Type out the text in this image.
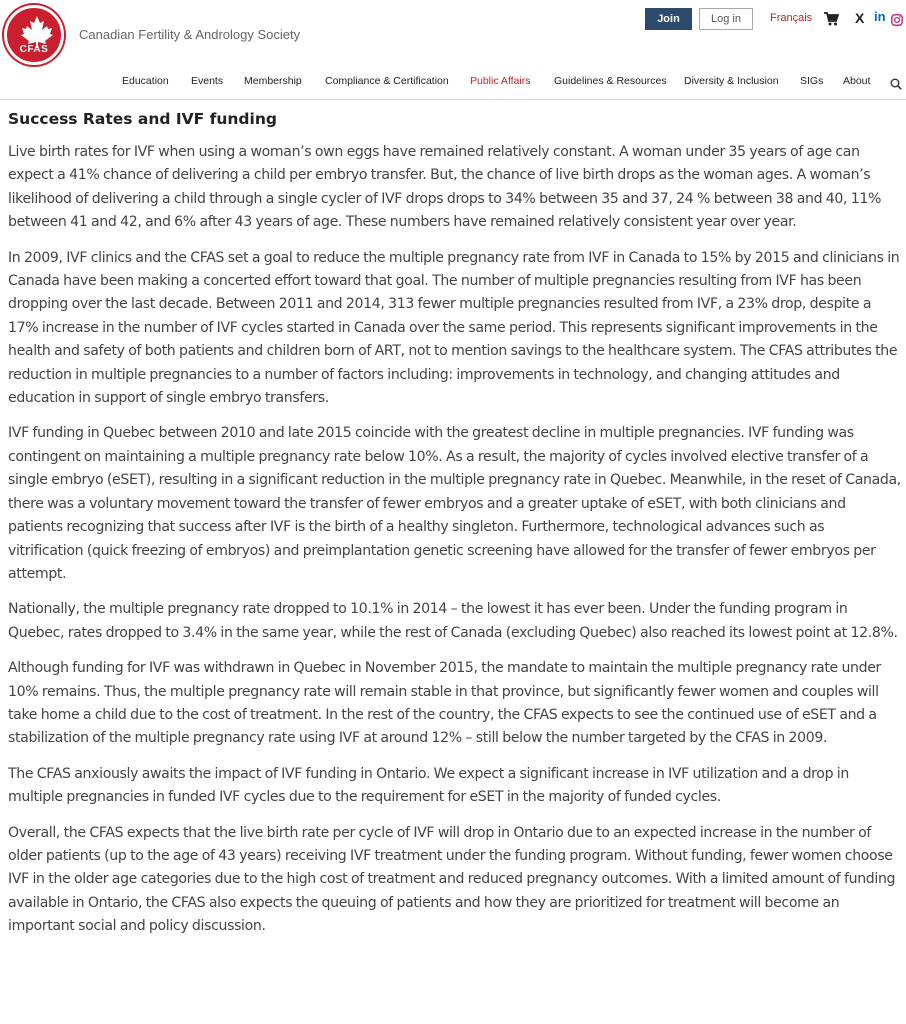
CFAS
Canadian Fertility & Andrology Society
Join	Log in	Français	X in
Education Events Membership Compliance & Certification Public Affairs Guidelines & Resources Diversity & Inclusion SIGs About
Success Rates and IVF funding

Live birth rates for IVF when using a woman’s own eggs have remained relatively constant. A woman under 35 years of age can expect a 41% chance of delivering a child per embryo transfer. But, the chance of live birth drops as the woman ages. A woman’s likelihood of delivering a child through a single cycler of IVF drops drops to 34% between 35 and 37, 24 % between 38 and 40, 11% between 41 and 42, and 6% after 43 years of age. These numbers have remained relatively consistent year over year.

In 2009, IVF clinics and the CFAS set a goal to reduce the multiple pregnancy rate from IVF in Canada to 15% by 2015 and clinicians in Canada have been making a concerted effort toward that goal. The number of multiple pregnancies resulting from IVF has been dropping over the last decade. Between 2011 and 2014, 313 fewer multiple pregnancies resulted from IVF, a 23% drop, despite a 17% increase in the number of IVF cycles started in Canada over the same period. This represents significant improvements in the health and safety of both patients and children born of ART, not to mention savings to the healthcare system. The CFAS attributes the reduction in multiple pregnancies to a number of factors including: improvements in technology, and changing attitudes and education in support of single embryo transfers.

IVF funding in Quebec between 2010 and late 2015 coincide with the greatest decline in multiple pregnancies. IVF funding was contingent on maintaining a multiple pregnancy rate below 10%. As a result, the majority of cycles involved elective transfer of a single embryo (eSET), resulting in a significant reduction in the multiple pregnancy rate in Quebec. Meanwhile, in the reset of Canada, there was a voluntary movement toward the transfer of fewer embryos and a greater uptake of eSET, with both clinicians and patients recognizing that success after IVF is the birth of a healthy singleton. Furthermore, technological advances such as vitrification (quick freezing of embryos) and preimplantation genetic screening have allowed for the transfer of fewer embryos per attempt.

Nationally, the multiple pregnancy rate dropped to 10.1% in 2014 – the lowest it has ever been. Under the funding program in Quebec, rates dropped to 3.4% in the same year, while the rest of Canada (excluding Quebec) also reached its lowest point at 12.8%.

Although funding for IVF was withdrawn in Quebec in November 2015, the mandate to maintain the multiple pregnancy rate under 10% remains. Thus, the multiple pregnancy rate will remain stable in that province, but significantly fewer women and couples will take home a child due to the cost of treatment. In the rest of the country, the CFAS expects to see the continued use of eSET and a stabilization of the multiple pregnancy rate using IVF at around 12% – still below the number targeted by the CFAS in 2009.

The CFAS anxiously awaits the impact of IVF funding in Ontario. We expect a significant increase in IVF utilization and a drop in multiple pregnancies in funded IVF cycles due to the requirement for eSET in the majority of funded cycles.

Overall, the CFAS expects that the live birth rate per cycle of IVF will drop in Ontario due to an expected increase in the number of older patients (up to the age of 43 years) receiving IVF treatment under the funding program. Without funding, fewer women choose IVF in the older age categories due to the high cost of treatment and reduced pregnancy outcomes. With a limited amount of funding available in Ontario, the CFAS also expects the queuing of patients and how they are prioritized for treatment will become an important social and policy discussion.
